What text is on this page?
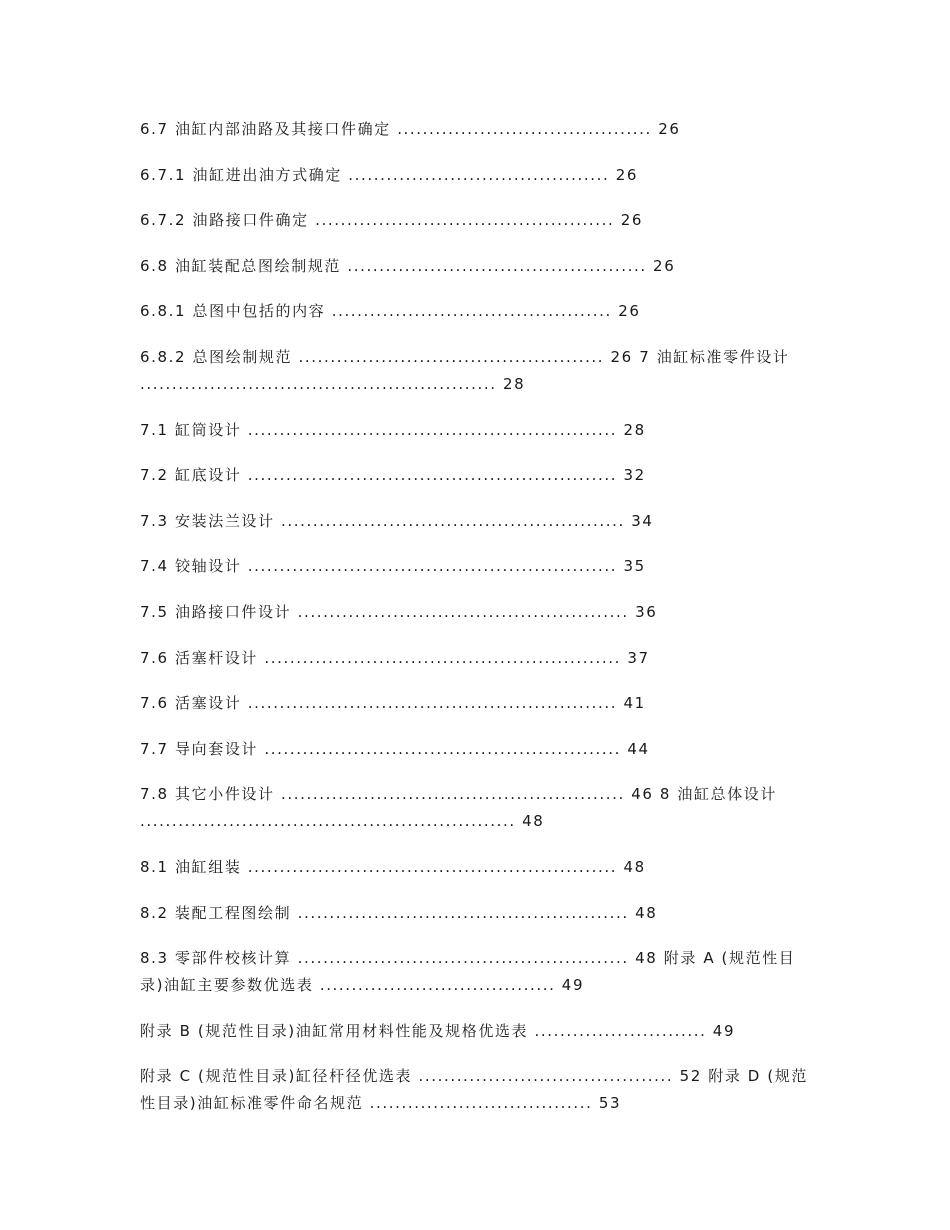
6.7 油缸内部油路及其接口件确定 ........................................ 26
6.7.1 油缸进出油方式确定 ......................................... 26
6.7.2 油路接口件确定 ............................................... 26
6.8 油缸装配总图绘制规范 ............................................... 26
6.8.1 总图中包括的内容 ............................................ 26
6.8.2 总图绘制规范 ................................................ 26 7 油缸标准零件设计 ........................................................ 28
7.1 缸筒设计 .......................................................... 28
7.2 缸底设计 .......................................................... 32
7.3 安装法兰设计 ...................................................... 34
7.4 铰轴设计 .......................................................... 35
7.5 油路接口件设计 .................................................... 36
7.6 活塞杆设计 ........................................................ 37
7.6 活塞设计 .......................................................... 41
7.7 导向套设计 ........................................................ 44
7.8 其它小件设计 ...................................................... 46 8 油缸总体设计 ........................................................... 48
8.1 油缸组装 .......................................................... 48
8.2 装配工程图绘制 .................................................... 48
8.3 零部件校核计算 .................................................... 48 附录 A (规范性目录)油缸主要参数优选表 ..................................... 49
附录 B (规范性目录)油缸常用材料性能及规格优选表 ........................... 49
附录 C (规范性目录)缸径杆径优选表 ........................................ 52 附录 D (规范性目录)油缸标准零件命名规范 ................................... 53
